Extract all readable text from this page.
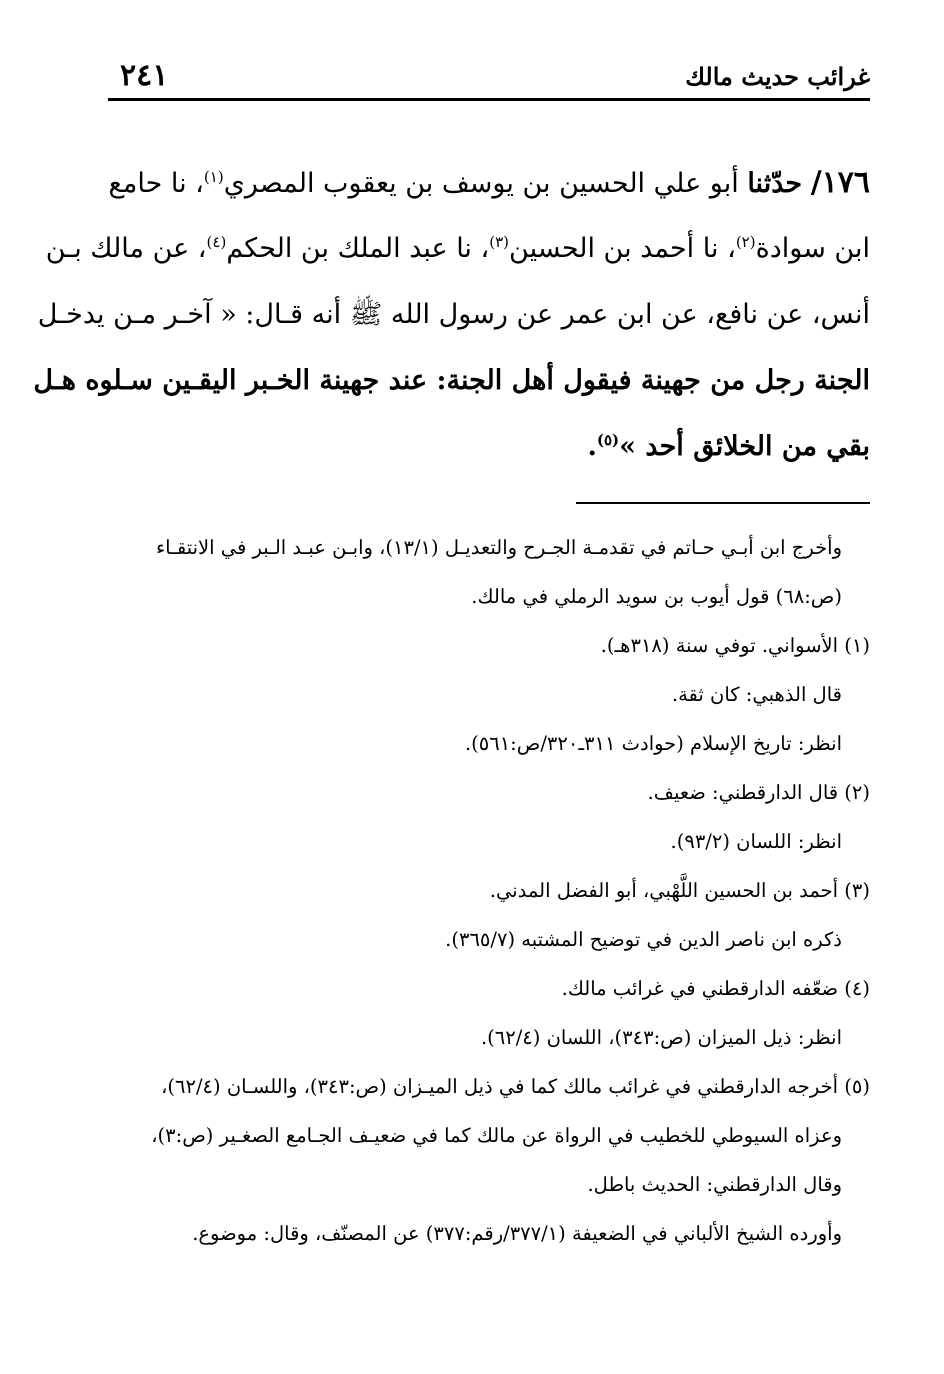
غرائب حديث مالك
٢٤١
١٧٦/ حدّثنا أبو علي الحسين بن يوسف بن يعقوب المصري$^{(١)}$، نا حامع
ابن سوادة$^{(٢)}$، نا أحمد بن الحسين$^{(٣)}$، نا عبد الملك بن الحكم$^{(٤)}$، عن مالك بـن
أنس، عن نافع، عن ابن عمر عن رسول الله ﷺ أنه قـال: « آخـر مـن يدخـل
الجنة رجل من جهينة فيقول أهل الجنة: عند جهينة الخـبر اليقـين سـلوه هـل
بقي من الخلائق أحد »$^{(٥)}$.
وأخرج ابن أبـي حـاتم في تقدمـة الجـرح والتعديـل (١٣/١)، وابـن عبـد الـبر في الانتقـاء
(ص:٦٨) قول أيوب بن سويد الرملي في مالك.
(١) الأسواني. توفي سنة (٣١٨هـ).
قال الذهبي: كان ثقة.
انظر: تاريخ الإسلام (حوادث ٣١١ـ٣٢٠/ص:٥٦١).
(٢) قال الدارقطني: ضعيف.
انظر: اللسان (٩٣/٢).
(٣) أحمد بن الحسين اللَّهْبي، أبو الفضل المدني.
ذكره ابن ناصر الدين في توضيح المشتبه (٣٦٥/٧).
(٤) ضعّفه الدارقطني في غرائب مالك.
انظر: ذيل الميزان (ص:٣٤٣)، اللسان (٦٢/٤).
(٥) أخرجه الدارقطني في غرائب مالك كما في ذيل الميـزان (ص:٣٤٣)، واللسـان (٦٢/٤)،
وعزاه السيوطي للخطيب في الرواة عن مالك كما في ضعيـف الجـامع الصغـير (ص:٣)،
وقال الدارقطني: الحديث باطل.
وأورده الشيخ الألباني في الضعيفة (٣٧٧/١/رقم:٣٧٧) عن المصنّف، وقال: موضوع.
